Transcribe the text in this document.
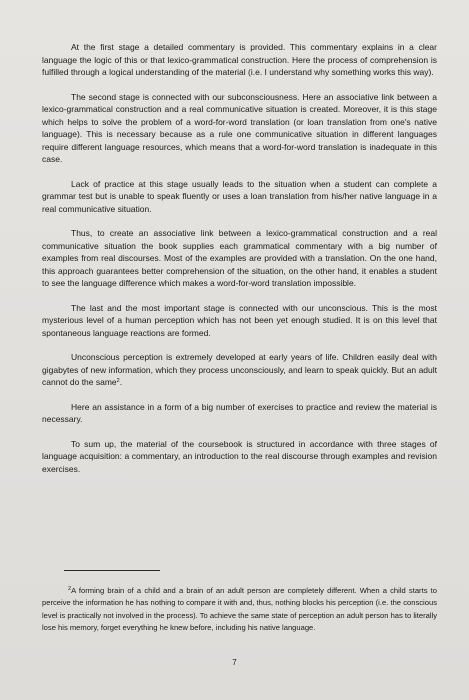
At the first stage a detailed commentary is provided. This commentary explains in a clear language the logic of this or that lexico-grammatical construction. Here the process of comprehension is fulfilled through a logical understanding of the material (i.e. I understand why something works this way).

The second stage is connected with our subconsciousness. Here an associative link between a lexico-grammatical construction and a real communicative situation is created. Moreover, it is this stage which helps to solve the problem of a word-for-word translation (or loan translation from one's native language). This is necessary because as a rule one communicative situation in different languages require different language resources, which means that a word-for-word translation is inadequate in this case.

Lack of practice at this stage usually leads to the situation when a student can complete a grammar test but is unable to speak fluently or uses a loan translation from his/her native language in a real communicative situation.

Thus, to create an associative link between a lexico-grammatical construction and a real communicative situation the book supplies each grammatical commentary with a big number of examples from real discourses. Most of the examples are provided with a translation. On the one hand, this approach guarantees better comprehension of the situation, on the other hand, it enables a student to see the language difference which makes a word-for-word translation impossible.

The last and the most important stage is connected with our unconscious. This is the most mysterious level of a human perception which has not been yet enough studied. It is on this level that spontaneous language reactions are formed.

Unconscious perception is extremely developed at early years of life. Children easily deal with gigabytes of new information, which they process unconsciously, and learn to speak quickly. But an adult cannot do the same$^2$.

Here an assistance in a form of a big number of exercises to practice and review the material is necessary.

To sum up, the material of the coursebook is structured in accordance with three stages of language acquisition: a commentary, an introduction to the real discourse through examples and revision exercises.

$^2$A forming brain of a child and a brain of an adult person are completely different. When a child starts to perceive the information he has nothing to compare it with and, thus, nothing blocks his perception (i.e. the conscious level is practically not involved in the process). To achieve the same state of perception an adult person has to literally lose his memory, forget everything he knew before, including his native language.

7
